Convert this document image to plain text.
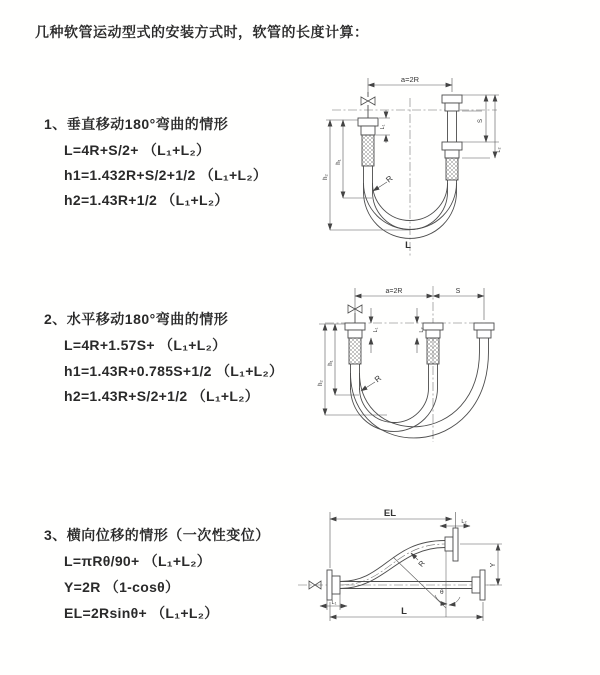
几种软管运动型式的安装方式时，软管的长度计算：
1、垂直移动180°弯曲的情形
L=4R+S/2+ （L₁+L₂）
h1=1.432R+S/2+1/2 （L₁+L₂）
h2=1.43R+1/2 （L₁+L₂）
2、水平移动180°弯曲的情形
L=4R+1.57S+ （L₁+L₂）
h1=1.43R+0.785S+1/2 （L₁+L₂）
h2=1.43R+S/2+1/2 （L₁+L₂）
3、横向位移的情形（一次性变位）
L=πRθ/90+ （L₁+L₂）
Y=2R （1-cosθ）
EL=2Rsinθ+ （L₁+L₂）
a=2R
L₁
S
L₂
h₁
h₂	R
L
a=2R	S
h₁
h₂
L₁	L₂
R
θ
EL
L₂
Y
L
L₁
R
